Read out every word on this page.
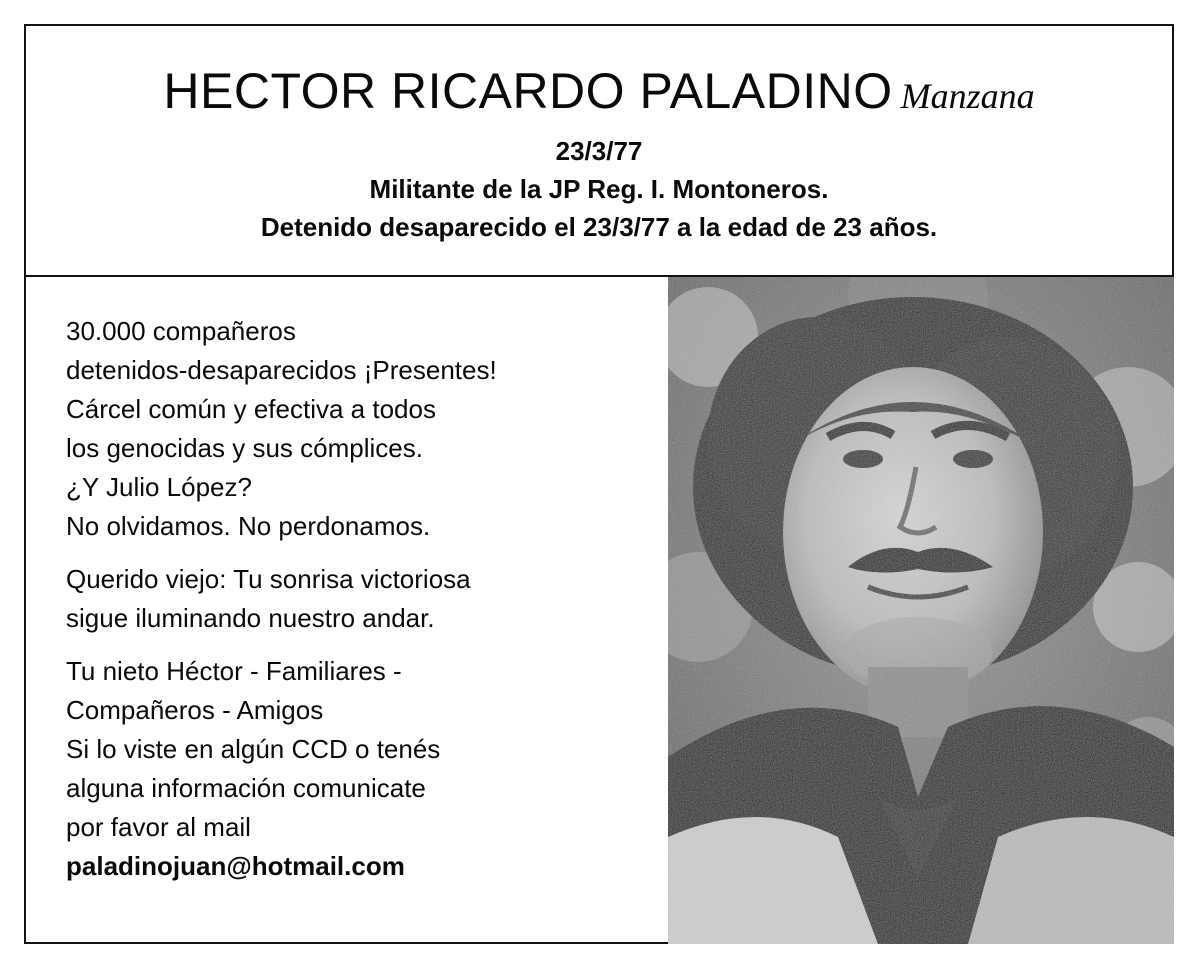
HECTOR RICARDO PALADINO Manzana
23/3/77
Militante de la JP Reg. I. Montoneros.
Detenido desaparecido el 23/3/77 a la edad de 23 años.
30.000 compañeros
detenidos-desaparecidos ¡Presentes!
Cárcel común y efectiva a todos
los genocidas y sus cómplices.
¿Y Julio López?
No olvidamos. No perdonamos.
Querido viejo: Tu sonrisa victoriosa
sigue iluminando nuestro andar.
Tu nieto Héctor - Familiares -
Compañeros - Amigos
Si lo viste en algún CCD o tenés
alguna información comunicate
por favor al mail
paladinojuan@hotmail.com
